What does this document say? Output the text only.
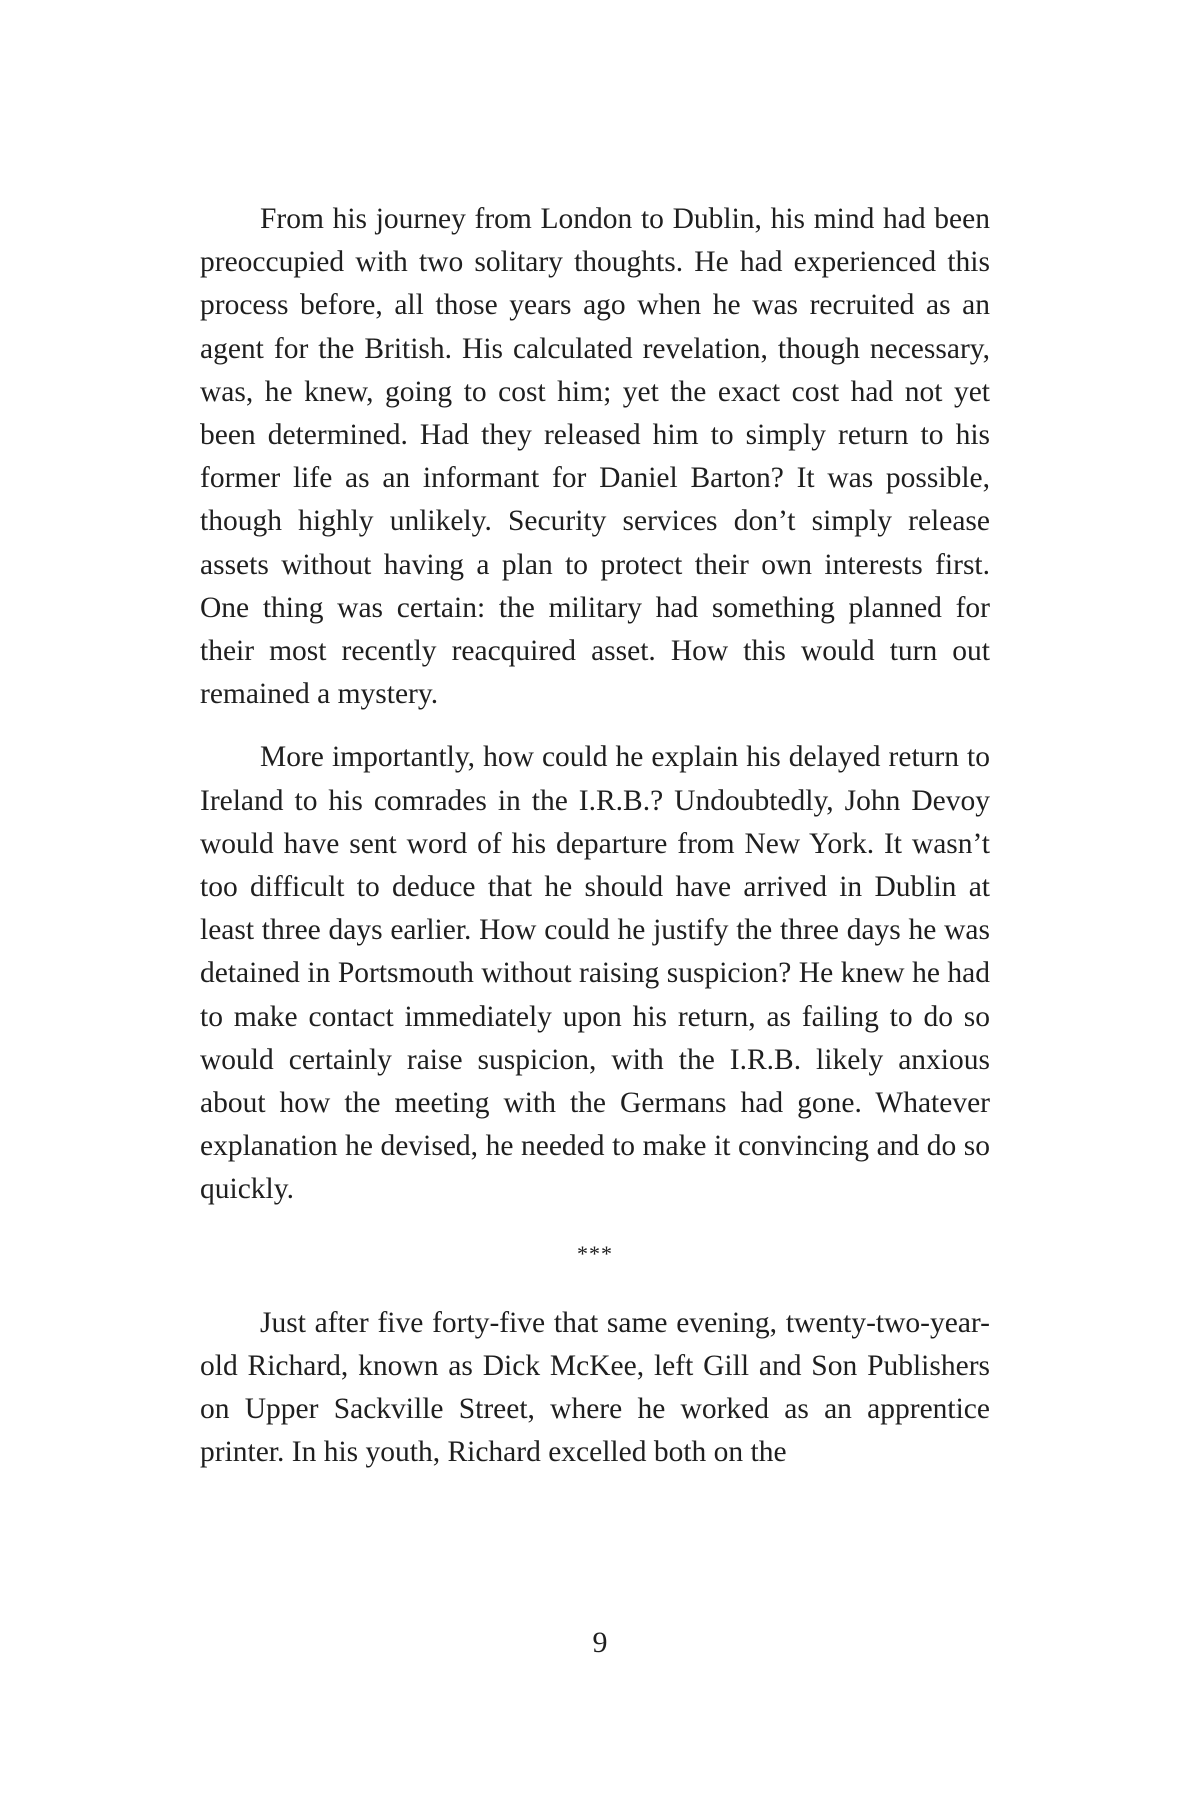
From his journey from London to Dublin, his mind had been preoccupied with two solitary thoughts. He had experienced this process before, all those years ago when he was recruited as an agent for the British. His calculated revelation, though necessary, was, he knew, going to cost him; yet the exact cost had not yet been determined. Had they released him to simply return to his former life as an informant for Daniel Barton? It was possible, though highly unlikely. Security services don’t simply release assets without having a plan to protect their own interests first. One thing was certain: the military had something planned for their most recently reacquired asset. How this would turn out remained a mystery.

More importantly, how could he explain his delayed return to Ireland to his comrades in the I.R.B.? Undoubtedly, John Devoy would have sent word of his departure from New York. It wasn’t too difficult to deduce that he should have arrived in Dublin at least three days earlier. How could he justify the three days he was detained in Portsmouth without raising suspicion? He knew he had to make contact immediately upon his return, as failing to do so would certainly raise suspicion, with the I.R.B. likely anxious about how the meeting with the Germans had gone. Whatever explanation he devised, he needed to make it convincing and do so quickly.

***

Just after five forty-five that same evening, twenty-two-year-old Richard, known as Dick McKee, left Gill and Son Publishers on Upper Sackville Street, where he worked as an apprentice printer. In his youth, Richard excelled both on the

9
